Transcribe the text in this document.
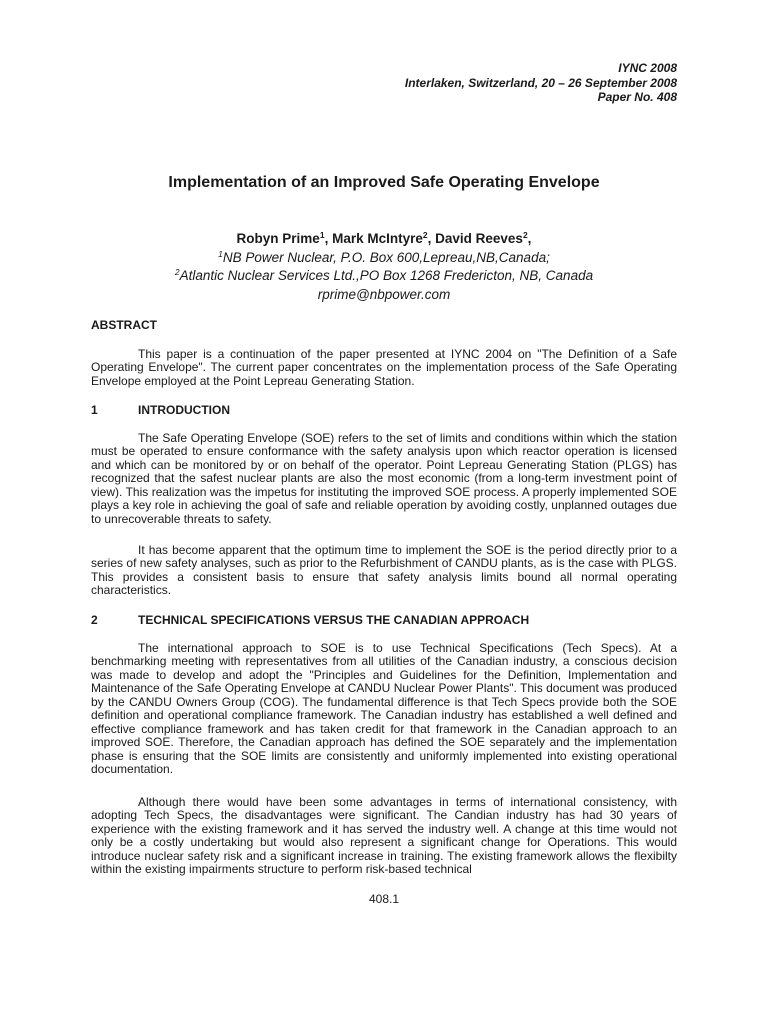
IYNC 2008
Interlaken, Switzerland, 20 – 26 September 2008
Paper No. 408
Implementation of an Improved Safe Operating Envelope
Robyn Prime$^1$, Mark McIntyre$^2$, David Reeves$^2$,
$^1$NB Power Nuclear, P.O. Box 600,Lepreau,NB,Canada;
$^2$Atlantic Nuclear Services Ltd.,PO Box 1268 Fredericton, NB, Canada
rprime@nbpower.com
ABSTRACT

This paper is a continuation of the paper presented at IYNC 2004 on "The Definition of a Safe Operating Envelope". The current paper concentrates on the implementation process of the Safe Operating Envelope employed at the Point Lepreau Generating Station.

1	INTRODUCTION

The Safe Operating Envelope (SOE) refers to the set of limits and conditions within which the station must be operated to ensure conformance with the safety analysis upon which reactor operation is licensed and which can be monitored by or on behalf of the operator. Point Lepreau Generating Station (PLGS) has recognized that the safest nuclear plants are also the most economic (from a long-term investment point of view). This realization was the impetus for instituting the improved SOE process. A properly implemented SOE plays a key role in achieving the goal of safe and reliable operation by avoiding costly, unplanned outages due to unrecoverable threats to safety.

It has become apparent that the optimum time to implement the SOE is the period directly prior to a series of new safety analyses, such as prior to the Refurbishment of CANDU plants, as is the case with PLGS. This provides a consistent basis to ensure that safety analysis limits bound all normal operating characteristics.

2	TECHNICAL SPECIFICATIONS VERSUS THE CANADIAN APPROACH

The international approach to SOE is to use Technical Specifications (Tech Specs). At a benchmarking meeting with representatives from all utilities of the Canadian industry, a conscious decision was made to develop and adopt the "Principles and Guidelines for the Definition, Implementation and Maintenance of the Safe Operating Envelope at CANDU Nuclear Power Plants". This document was produced by the CANDU Owners Group (COG). The fundamental difference is that Tech Specs provide both the SOE definition and operational compliance framework. The Canadian industry has established a well defined and effective compliance framework and has taken credit for that framework in the Canadian approach to an improved SOE. Therefore, the Canadian approach has defined the SOE separately and the implementation phase is ensuring that the SOE limits are consistently and uniformly implemented into existing operational documentation.

Although there would have been some advantages in terms of international consistency, with adopting Tech Specs, the disadvantages were significant. The Candian industry has had 30 years of experience with the existing framework and it has served the industry well. A change at this time would not only be a costly undertaking but would also represent a significant change for Operations. This would introduce nuclear safety risk and a significant increase in training. The existing framework allows the flexibilty within the existing impairments structure to perform risk-based technical

408.1
